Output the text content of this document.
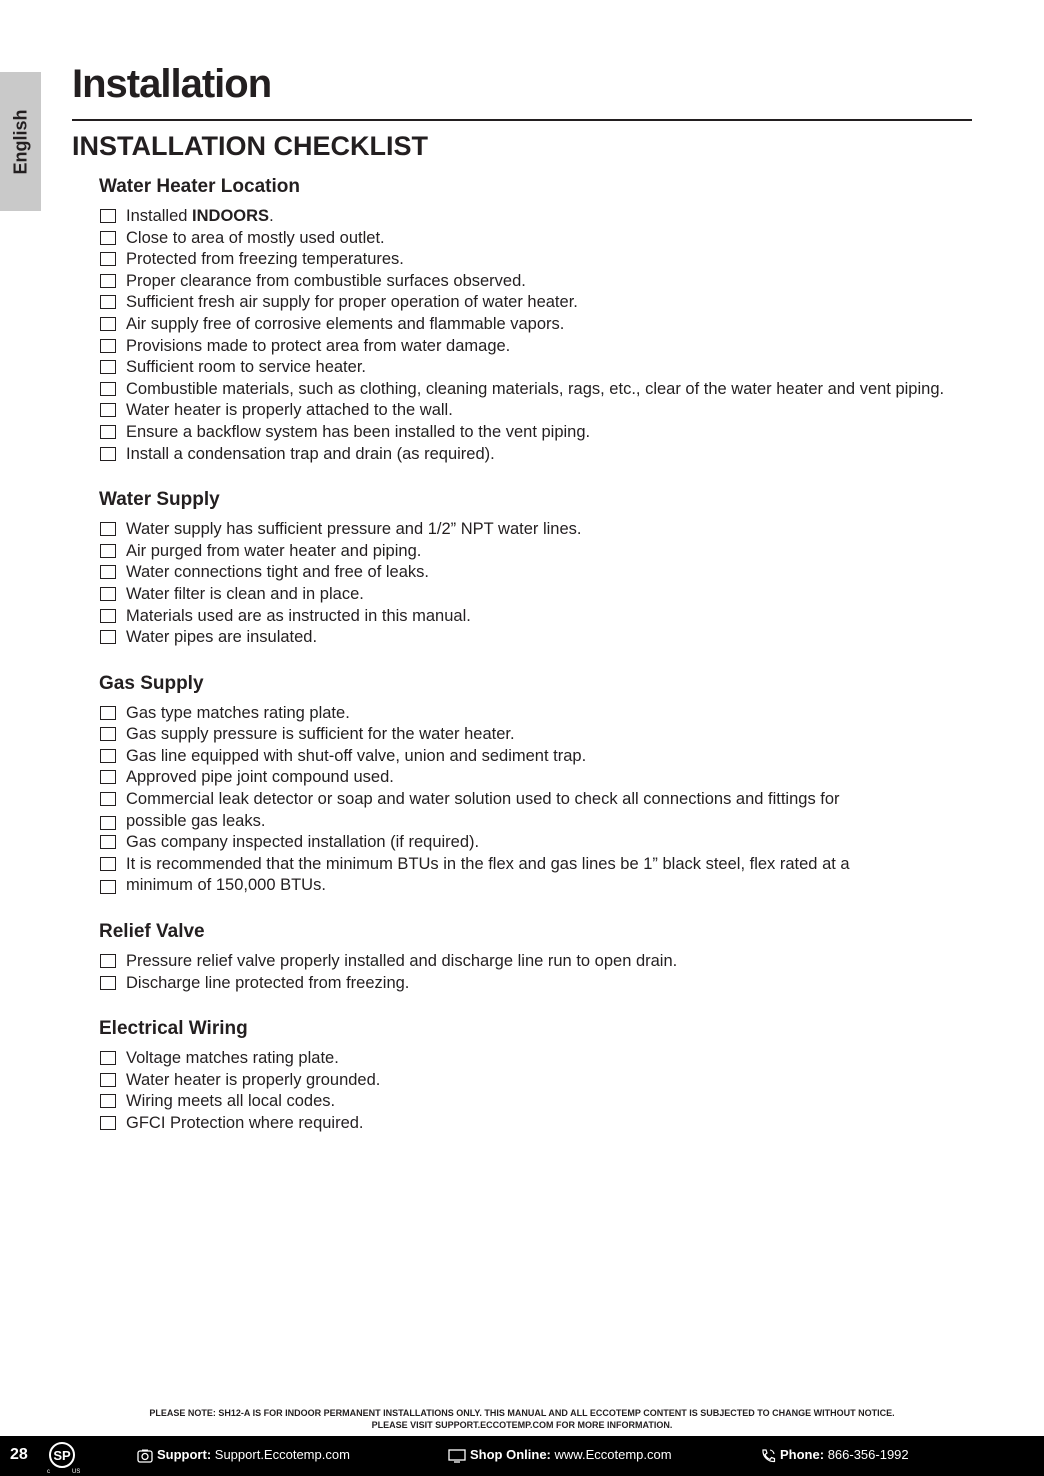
English
Installation
INSTALLATION CHECKLIST
Water Heater Location
Installed INDOORS.
Close to area of mostly used outlet.
Protected from freezing temperatures.
Proper clearance from combustible surfaces observed.
Sufficient fresh air supply for proper operation of water heater.
Air supply free of corrosive elements and flammable vapors.
Provisions made to protect area from water damage.
Sufficient room to service heater.
Combustible materials, such as clothing, cleaning materials, rags, etc., clear of the water heater and vent piping.
Water heater is properly attached to the wall.
Ensure a backflow system has been installed to the vent piping.
Install a condensation trap and drain (as required).
Water Supply
Water supply has sufficient pressure and 1/2” NPT water lines.
Air purged from water heater and piping.
Water connections tight and free of leaks.
Water filter is clean and in place.
Materials used are as instructed in this manual.
Water pipes are insulated.
Gas Supply
Gas type matches rating plate.
Gas supply pressure is sufficient for the water heater.
Gas line equipped with shut-off valve, union and sediment trap.
Approved pipe joint compound used.
Commercial leak detector or soap and water solution used to check all connections and fittings for
possible gas leaks.
Gas company inspected installation (if required).
It is recommended that the minimum BTUs in the flex and gas lines be 1” black steel, flex rated at a
minimum of 150,000 BTUs.
Relief Valve
Pressure relief valve properly installed and discharge line run to open drain.
Discharge line protected from freezing.
Electrical Wiring
Voltage matches rating plate.
Water heater is properly grounded.
Wiring meets all local codes.
GFCI Protection where required.
PLEASE NOTE: SH12-A IS FOR INDOOR PERMANENT INSTALLATIONS ONLY. THIS MANUAL AND ALL ECCOTEMP CONTENT IS SUBJECTED TO CHANGE WITHOUT NOTICE.
PLEASE VISIT SUPPORT.ECCOTEMP.COM FOR MORE INFORMATION.
28 SP
c	US
Support: Support.Eccotemp.com	Shop Online: www.Eccotemp.com	Phone: 866-356-1992
